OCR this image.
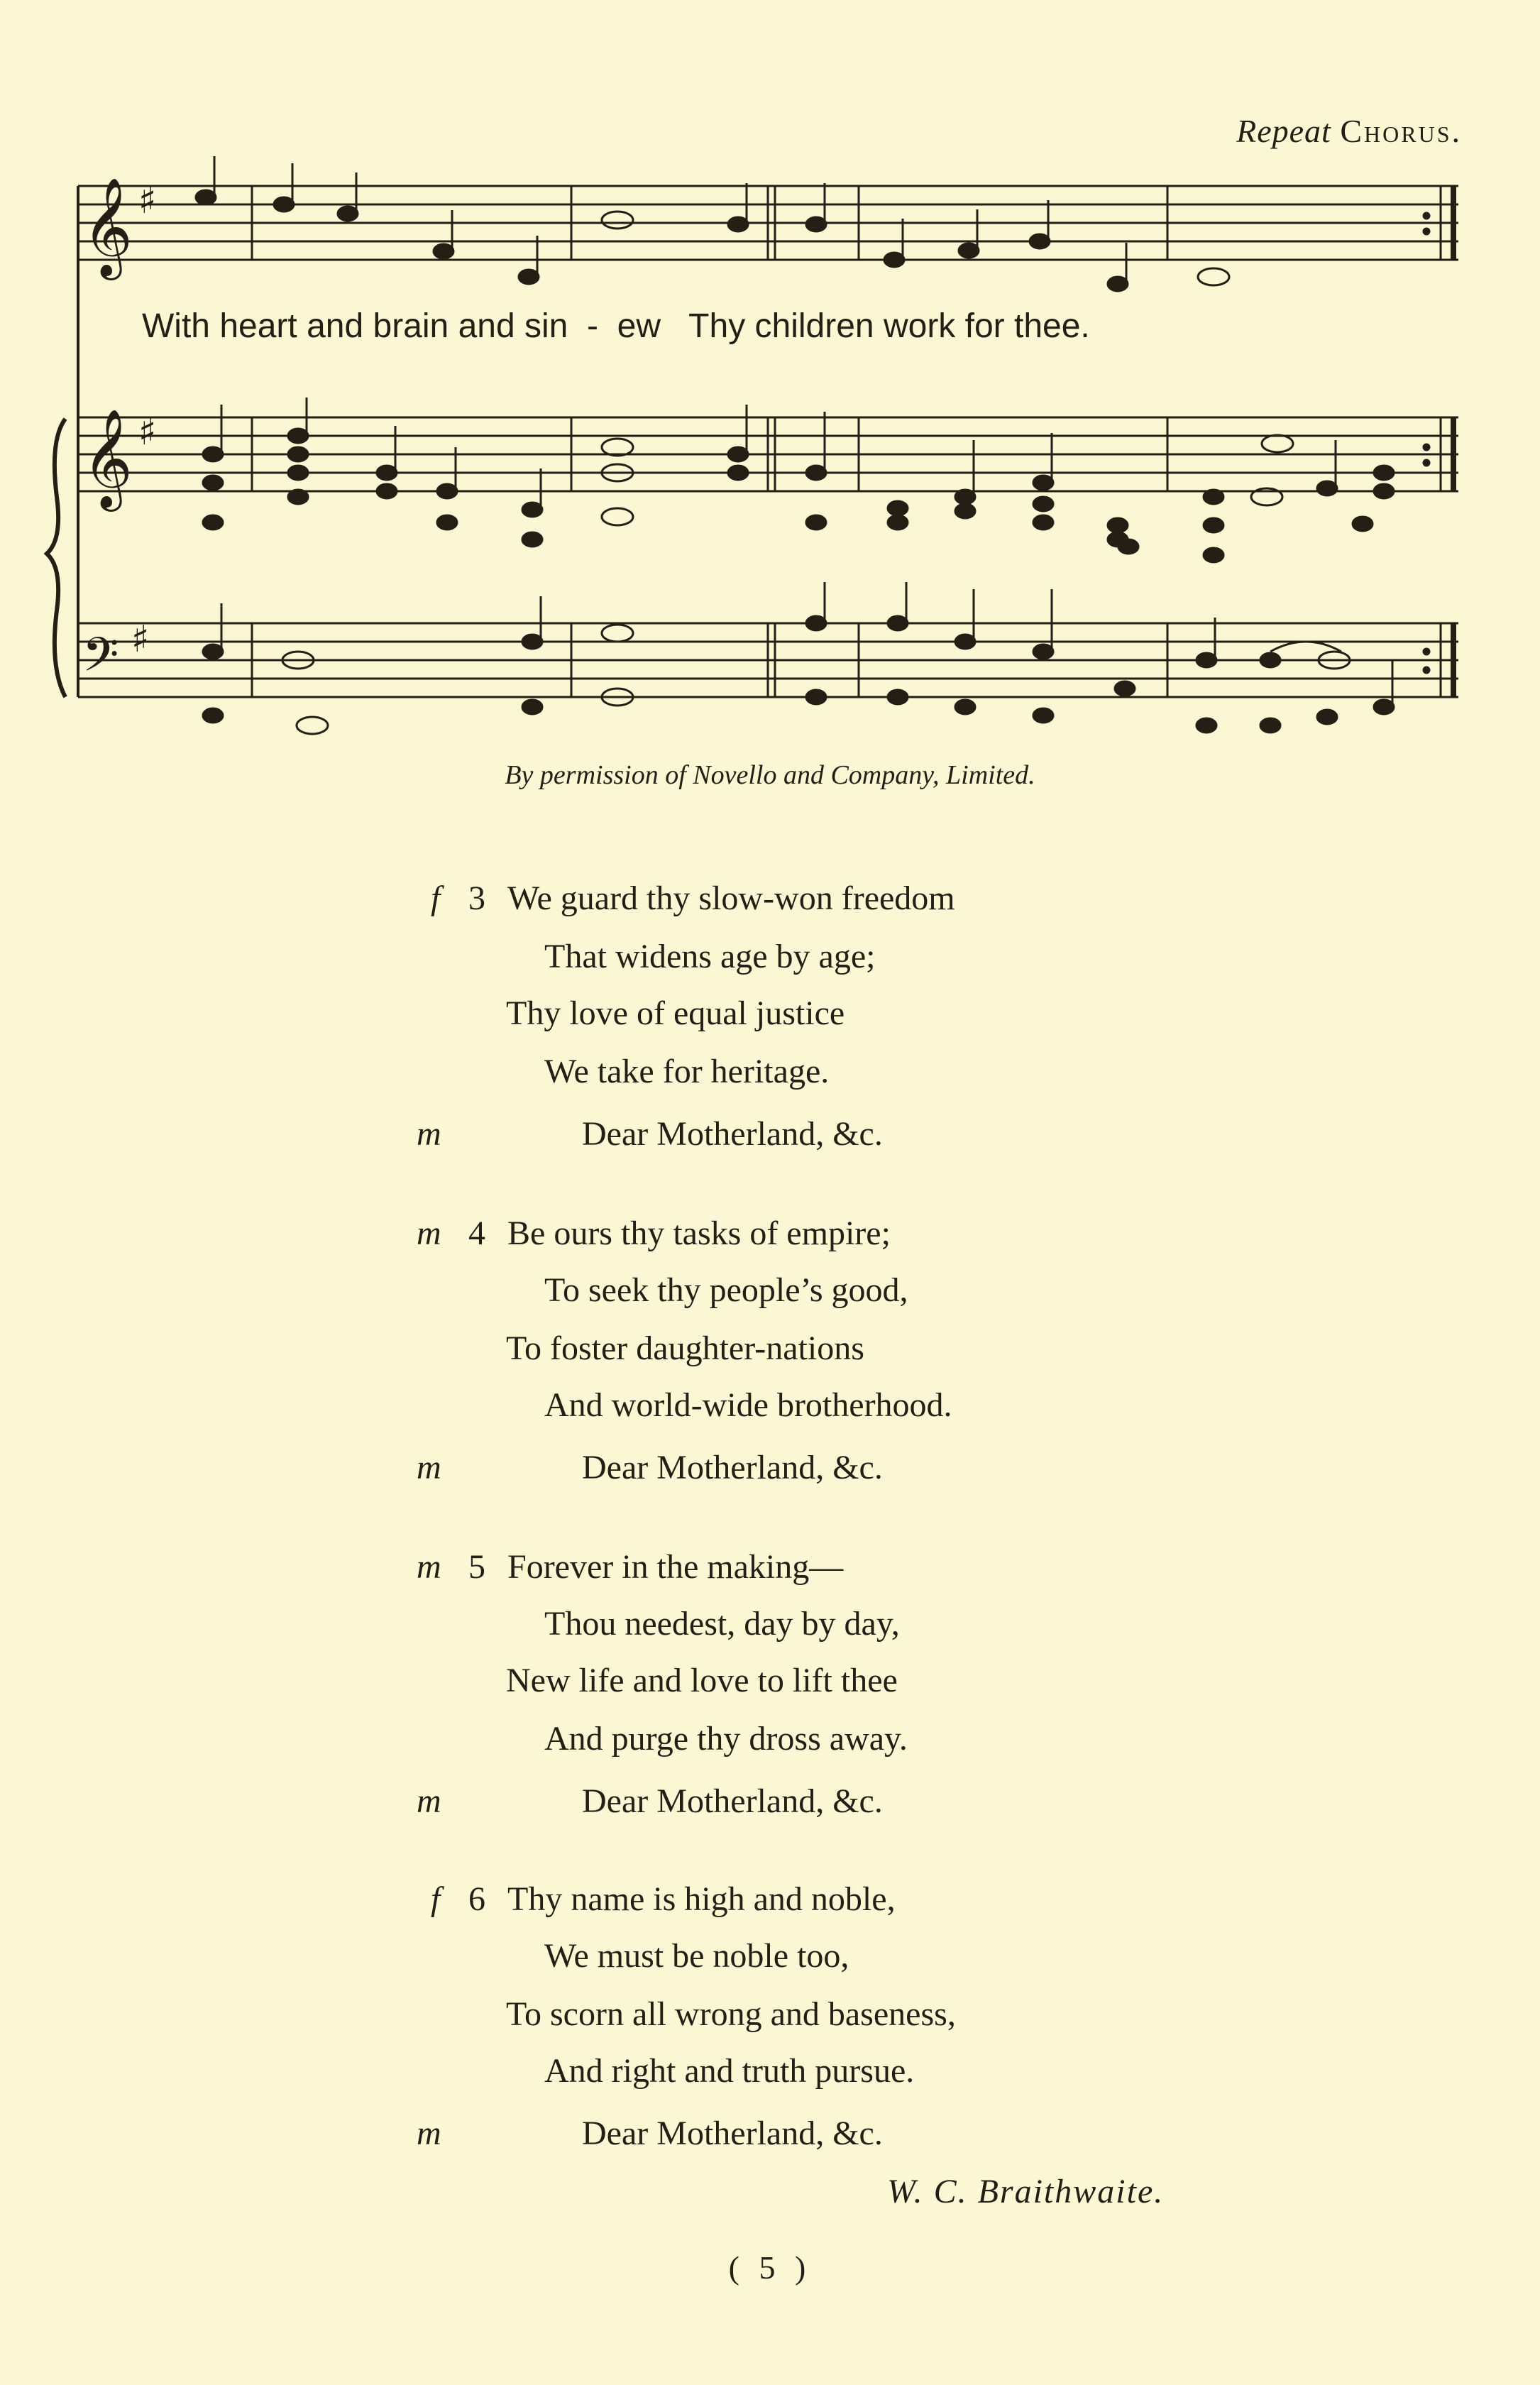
Repeat Chorus.
𝄞
𝄞
𝄢
♯
♯
♯
With heart and brain and sin  -  ew   Thy children work for thee.
By permission of Novello and Company, Limited.
f 3 We guard thy slow-won freedom
That widens age by age;
Thy love of equal justice
We take for heritage.
m	Dear Motherland, &c.
m 4 Be ours thy tasks of empire;
To seek thy people’s good,
To foster daughter-nations
And world-wide brotherhood.
m	Dear Motherland, &c.
m 5 Forever in the making—
Thou needest, day by day,
New life and love to lift thee
And purge thy dross away.
m	Dear Motherland, &c.
f 6 Thy name is high and noble,
We must be noble too,
To scorn all wrong and baseness,
And right and truth pursue.
m	Dear Motherland, &c.
W. C. Braithwaite.
( 5 )
